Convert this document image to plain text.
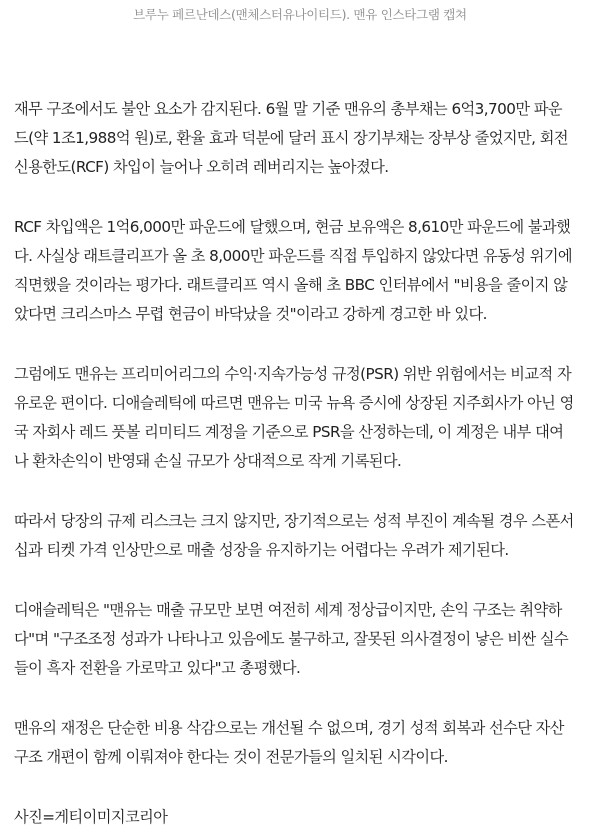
브루누 페르난데스(맨체스터유나이티드). 맨유 인스타그램 캡쳐

재무 구조에서도 불안 요소가 감지된다. 6월 말 기준 맨유의 총부채는 6억3,700만 파운
드(약 1조1,988억 원)로, 환율 효과 덕분에 달러 표시 장기부채는 장부상 줄었지만, 회전
신용한도(RCF) 차입이 늘어나 오히려 레버리지는 높아졌다.

RCF 차입액은 1억6,000만 파운드에 달했으며, 현금 보유액은 8,610만 파운드에 불과했
다. 사실상 래트클리프가 올 초 8,000만 파운드를 직접 투입하지 않았다면 유동성 위기에
직면했을 것이라는 평가다. 래트클리프 역시 올해 초 BBC 인터뷰에서 "비용을 줄이지 않
았다면 크리스마스 무렵 현금이 바닥났을 것"이라고 강하게 경고한 바 있다.

그럼에도 맨유는 프리미어리그의 수익·지속가능성 규정(PSR) 위반 위험에서는 비교적 자
유로운 편이다. 디애슬레틱에 따르면 맨유는 미국 뉴욕 증시에 상장된 지주회사가 아닌 영
국 자회사 레드 풋볼 리미티드 계정을 기준으로 PSR을 산정하는데, 이 계정은 내부 대여
나 환차손익이 반영돼 손실 규모가 상대적으로 작게 기록된다.

따라서 당장의 규제 리스크는 크지 않지만, 장기적으로는 성적 부진이 계속될 경우 스폰서
십과 티켓 가격 인상만으로 매출 성장을 유지하기는 어렵다는 우려가 제기된다.

디애슬레틱은 "맨유는 매출 규모만 보면 여전히 세계 정상급이지만, 손익 구조는 취약하
다"며 "구조조정 성과가 나타나고 있음에도 불구하고, 잘못된 의사결정이 낳은 비싼 실수
들이 흑자 전환을 가로막고 있다"고 총평했다.

맨유의 재정은 단순한 비용 삭감으로는 개선될 수 없으며, 경기 성적 회복과 선수단 자산
구조 개편이 함께 이뤄져야 한다는 것이 전문가들의 일치된 시각이다.

사진=게티이미지코리아
